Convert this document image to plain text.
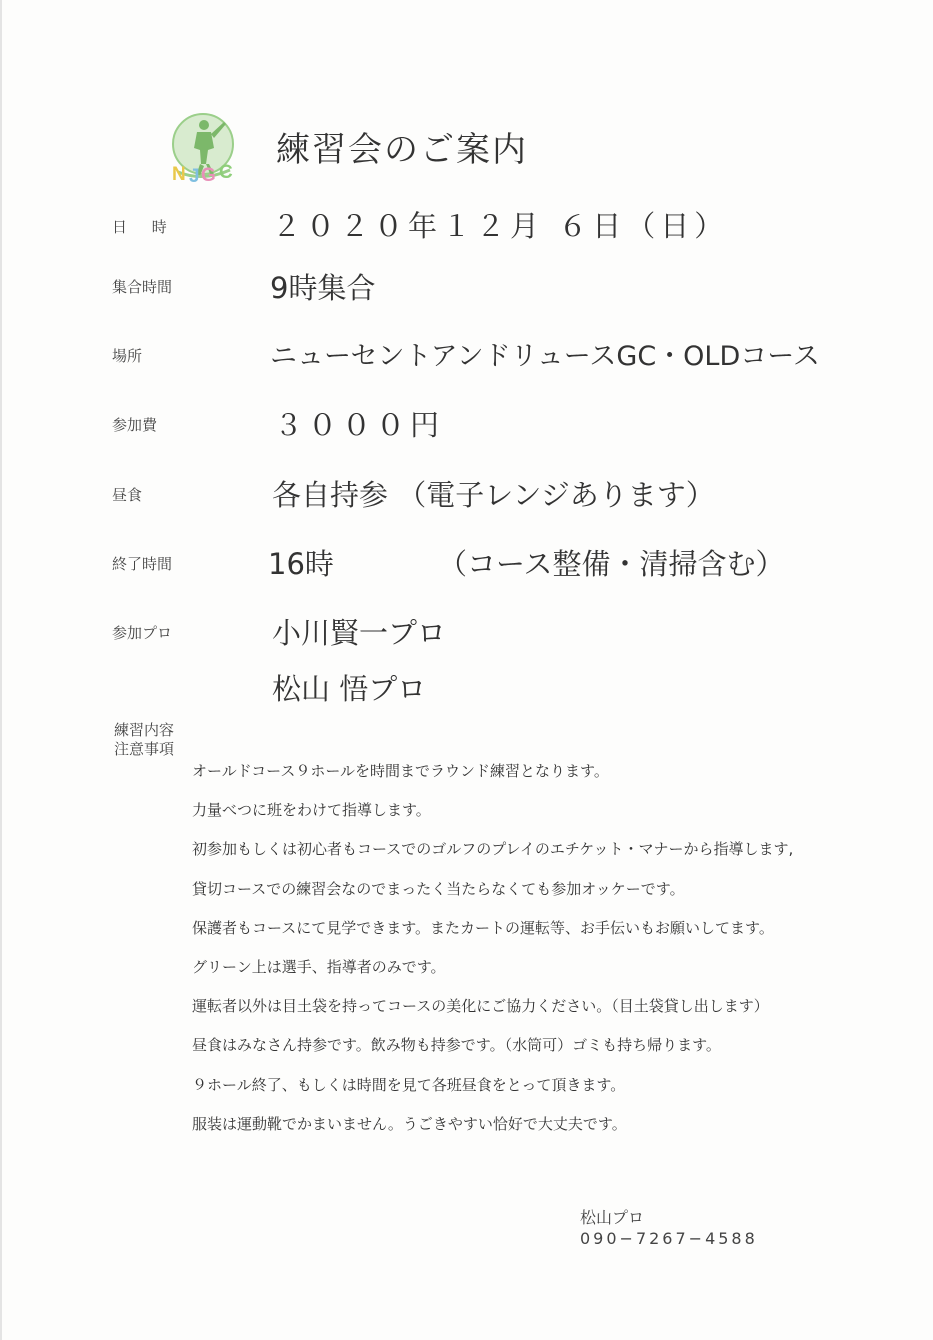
N J G C
練習会のご案内
日 時	２０２０年１２月 ６日（日）
集合時間	9時集合
場所	ニューセントアンドリュースGC・OLDコース
参加費	３０００円
昼食	各自持参 （電子レンジあります）
終了時間	16時	（コース整備・清掃含む）
参加プロ	小川賢一プロ
松山 悟プロ
練習内容
注意事項
オールドコース９ホールを時間までラウンド練習となります。
力量べつに班をわけて指導します。
初参加もしくは初心者もコースでのゴルフのプレイのエチケット・マナーから指導します,
貸切コースでの練習会なのでまったく当たらなくても参加オッケーです。
保護者もコースにて見学できます。またカートの運転等、お手伝いもお願いしてます。
グリーン上は選手、指導者のみです。
運転者以外は目土袋を持ってコースの美化にご協力ください。（目土袋貸し出します）
昼食はみなさん持参です。飲み物も持参です。（水筒可）ゴミも持ち帰ります。
９ホール終了、もしくは時間を見て各班昼食をとって頂きます。
服装は運動靴でかまいません。うごきやすい恰好で大丈夫です。
松山プロ
090−7267−4588
